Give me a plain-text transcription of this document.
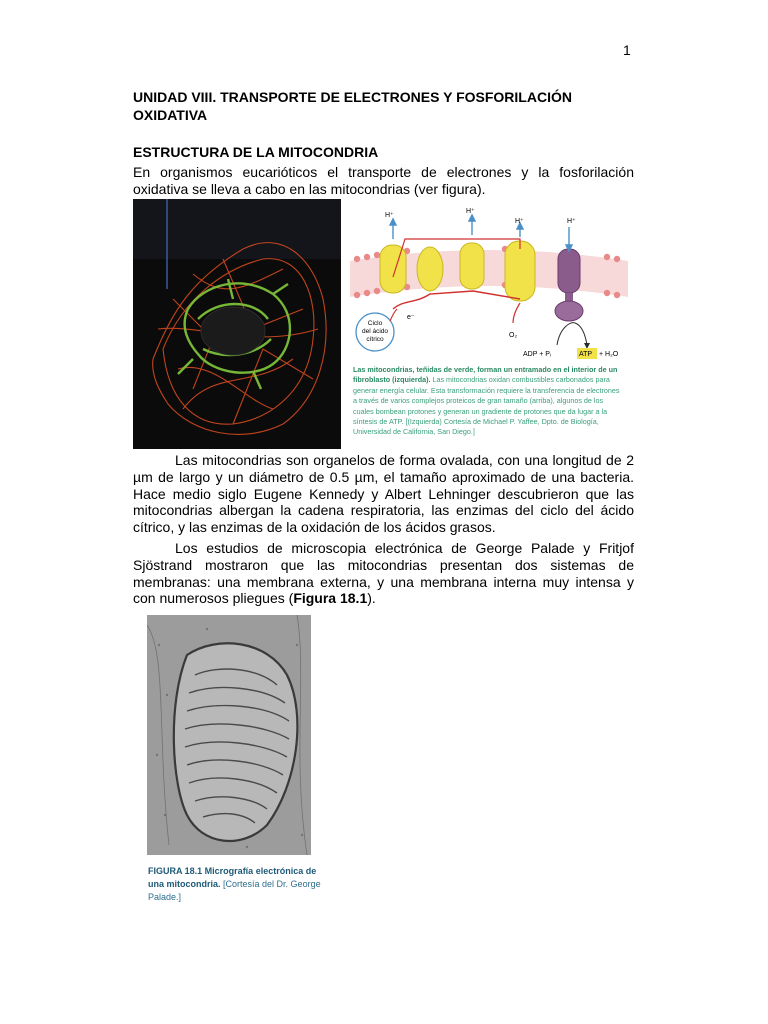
1
UNIDAD VIII. TRANSPORTE DE ELECTRONES Y FOSFORILACIÓN OXIDATIVA
ESTRUCTURA DE LA MITOCONDRIA
En organismos eucarióticos el transporte de electrones y la fosforilación oxidativa se lleva a cabo en las mitocondrias (ver figura).
H⁺
H⁺
H⁺	H⁺
e⁻
Ciclo
del ácido
cítrico
O₂
ADP + Pᵢ	ATP + H₂O
Las mitocondrias, teñidas de verde, forman un entramado en el interior de un fibroblasto (izquierda). Las mitocondrias oxidan combustibles carbonados para generar energía celular. Esta transformación requiere la transferencia de electrones a través de varios complejos proteicos de gran tamaño (arriba), algunos de los cuales bombean protones y generan un gradiente de protones que da lugar a la síntesis de ATP. [(Izquierda) Cortesía de Michael P. Yaffee, Dpto. de Biología, Universidad de California, San Diego.]
Las mitocondrias son organelos de forma ovalada, con una longitud de 2 µm de largo y un diámetro de 0.5 µm, el tamaño aproximado de una bacteria. Hace medio siglo Eugene Kennedy y Albert Lehninger descubrieron que las mitocondrias albergan la cadena respiratoria, las enzimas del ciclo del ácido cítrico, y las enzimas de la oxidación de los ácidos grasos.
Los estudios de microscopia electrónica de George Palade y Fritjof Sjöstrand mostraron que las mitocondrias presentan dos sistemas de membranas: una membrana externa, y una membrana interna muy intensa y con numerosos pliegues (Figura 18.1).
FIGURA 18.1 Micrografía electrónica de una mitocondria. [Cortesía del Dr. George Palade.]
